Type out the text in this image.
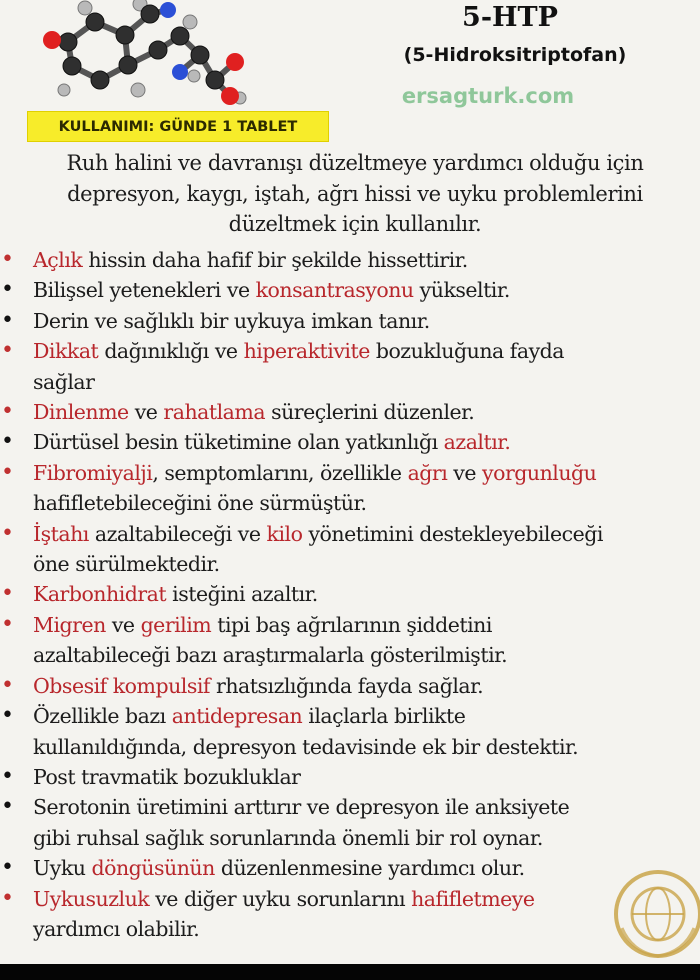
5-HTP
(5-Hidroksitriptofan)
ersagturk.com
KULLANIMI: GÜNDE 1 TABLET
Ruh halini ve davranışı düzeltmeye yardımcı olduğu için
depresyon, kaygı, iştah, ağrı hissi ve uyku problemlerini
düzeltmek için kullanılır.
• Açlık hissin daha hafif bir şekilde hissettirir.
• Bilişsel yetenekleri ve konsantrasyonu yükseltir.
• Derin ve sağlıklı bir uykuya imkan tanır.
• Dikkat dağınıklığı ve hiperaktivite bozukluğuna fayda
sağlar
• Dinlenme ve rahatlama süreçlerini düzenler.
• Dürtüsel besin tüketimine olan yatkınlığı azaltır.
• Fibromiyalji, semptomlarını, özellikle ağrı ve yorgunluğu
hafifletebileceğini öne sürmüştür.
• İştahı azaltabileceği ve kilo yönetimini destekleyebileceği
öne sürülmektedir.
• Karbonhidrat isteğini azaltır.
• Migren ve gerilim tipi baş ağrılarının şiddetini
azaltabileceği bazı araştırmalarla gösterilmiştir.
• Obsesif kompulsif rhatsızlığında fayda sağlar.
• Özellikle bazı antidepresan ilaçlarla birlikte
kullanıldığında, depresyon tedavisinde ek bir destektir.
• Post travmatik bozukluklar
• Serotonin üretimini arttırır ve depresyon ile anksiyete
gibi ruhsal sağlık sorunlarında önemli bir rol oynar.
• Uyku döngüsünün düzenlenmesine yardımcı olur.
• Uykusuzluk ve diğer uyku sorunlarını hafifletmeye
yardımcı olabilir.
